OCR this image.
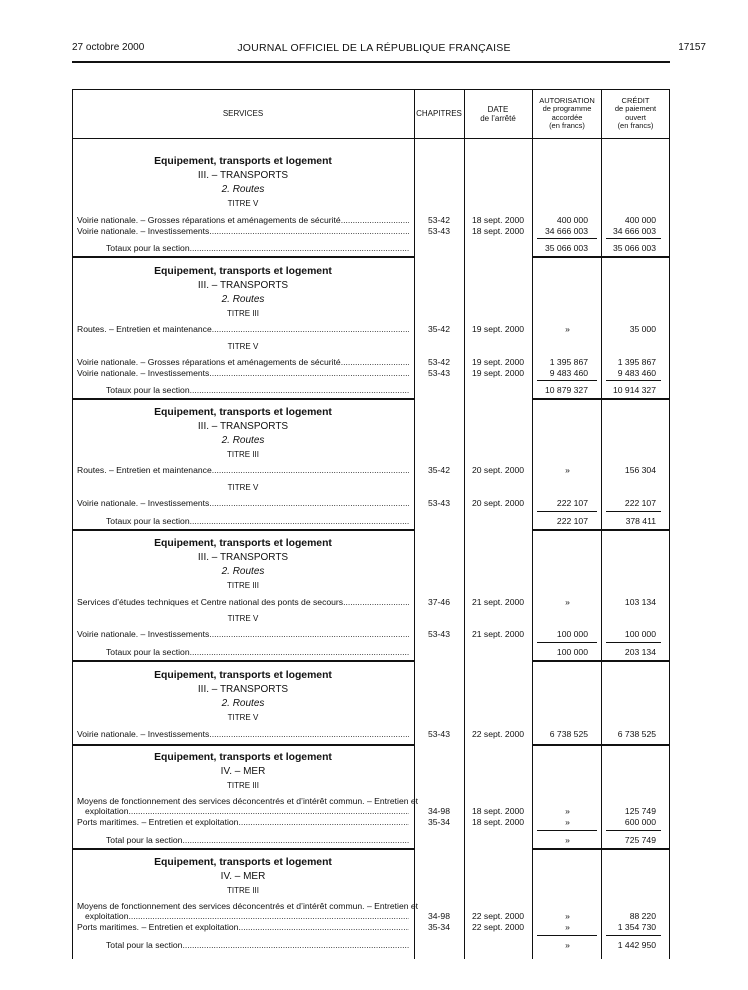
27 octobre 2000	JOURNAL OFFICIEL DE LA RÉPUBLIQUE FRANÇAISE	17157
SERVICES	CHAPITRES	DATE
de l’arrêté
AUTORISATION
de programme
accordée
(en francs)
CRÉDIT
de paiement
ouvert
(en francs)
Equipement, transports et logement
III. – TRANSPORTS
2. Routes
TITRE V
Voirie nationale. – Grosses réparations et aménagements de sécurité .....	53-42	18 sept. 2000	400 000	400 000
Voirie nationale. – Investissements .....	53-43	18 sept. 2000	34 666 003	34 666 003
Totaux pour la section .....	35 066 003	35 066 003
Equipement, transports et logement
III. – TRANSPORTS
2. Routes
TITRE III
Routes. – Entretien et maintenance .....	35-42	19 sept. 2000	»	35 000
TITRE V
Voirie nationale. – Grosses réparations et aménagements de sécurité .....	53-42	19 sept. 2000	1 395 867	1 395 867
Voirie nationale. – Investissements .....	53-43	19 sept. 2000	9 483 460	9 483 460
Totaux pour la section .....	10 879 327	10 914 327
Equipement, transports et logement
III. – TRANSPORTS
2. Routes
TITRE III
Routes. – Entretien et maintenance .....	35-42	20 sept. 2000	»	156 304
TITRE V
Voirie nationale. – Investissements .....	53-43	20 sept. 2000	222 107	222 107
Totaux pour la section .....	222 107	378 411
Equipement, transports et logement
III. – TRANSPORTS
2. Routes
TITRE III
Services d’études techniques et Centre national des ponts de secours .....	37-46	21 sept. 2000	»	103 134
TITRE V
Voirie nationale. – Investissements .....	53-43	21 sept. 2000	100 000	100 000
Totaux pour la section .....	100 000	203 134
Equipement, transports et logement
III. – TRANSPORTS
2. Routes
TITRE V
Voirie nationale. – Investissements .....	53-43	22 sept. 2000	6 738 525	6 738 525
Equipement, transports et logement
IV. – MER
TITRE III
Moyens de fonctionnement des services déconcentrés et d’intérêt commun. – Entretien et
exploitation .....	34-98	18 sept. 2000	»	125 749
Ports maritimes. – Entretien et exploitation .....	35-34	18 sept. 2000	»	600 000
Total pour la section .....	»	725 749
Equipement, transports et logement
IV. – MER
TITRE III
Moyens de fonctionnement des services déconcentrés et d’intérêt commun. – Entretien et
exploitation .....	34-98	22 sept. 2000	»	88 220
Ports maritimes. – Entretien et exploitation .....	35-34	22 sept. 2000	»	1 354 730
Total pour la section .....	»	1 442 950
